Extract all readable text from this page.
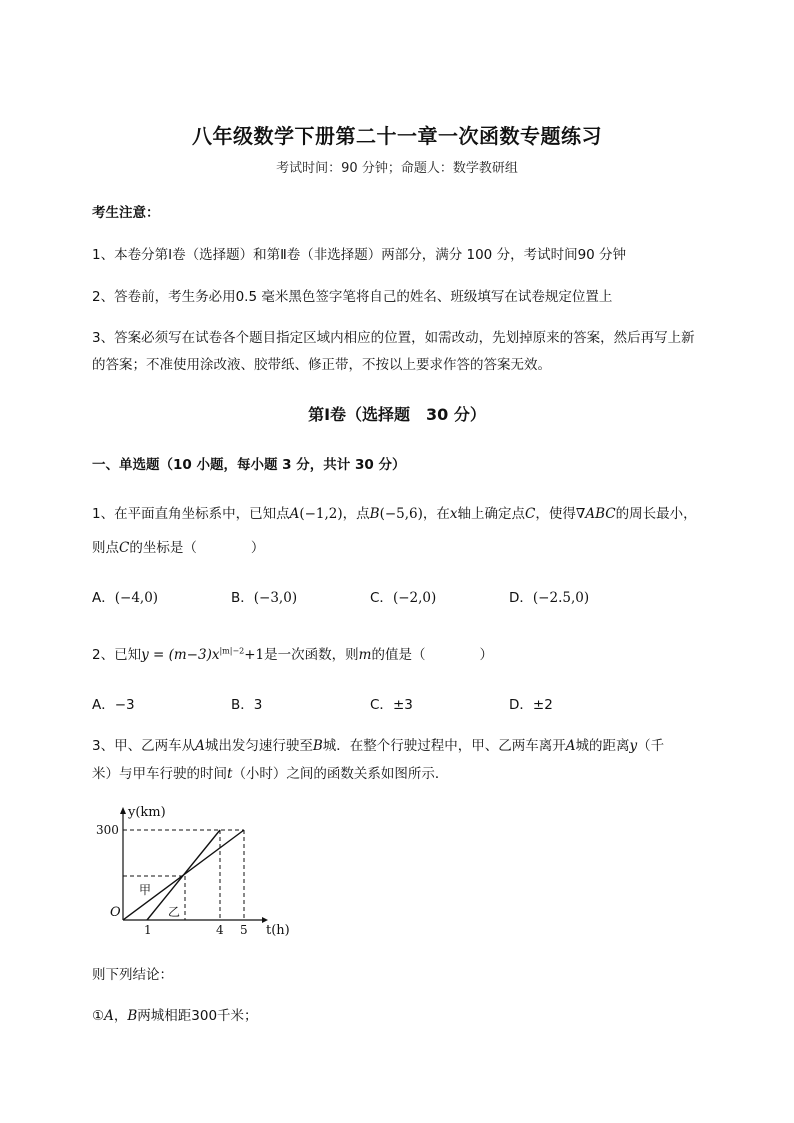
八年级数学下册第二十一章一次函数专题练习
考试时间：90 分钟；命题人：数学教研组
考生注意：
1、本卷分第Ⅰ卷（选择题）和第Ⅱ卷（非选择题）两部分，满分 100 分，考试时间90 分钟
2、答卷前，考生务必用0.5 毫米黑色签字笔将自己的姓名、班级填写在试卷规定位置上
3、答案必须写在试卷各个题目指定区域内相应的位置，如需改动，先划掉原来的答案，然后再写上新
的答案；不准使用涂改液、胶带纸、修正带，不按以上要求作答的答案无效。
第Ⅰ卷（选择题　30 分）
一、单选题（10 小题，每小题 3 分，共计 30 分）
1、在平面直角坐标系中，已知点A(−1,2)，点B(−5,6)，在x轴上确定点C，使得∇ABC的周长最小，
则点C的坐标是（　　　　）
A．(−4,0)	B．(−3,0)	C．(−2,0)	D．(−2.5,0)
2、已知$y = (m-3)x^{|m|-2}+1$是一次函数，则m的值是（　　　　）
A．−3	B．3	C．±3	D．±2
3、甲、乙两车从A城出发匀速行驶至B城．在整个行驶过程中，甲、乙两车离开A城的距离y（千
米）与甲车行驶的时间t（小时）之间的函数关系如图所示．
y(km)
300
O
1	4 5 t(h)
甲
乙
则下列结论：
①A，B两城相距300千米；
